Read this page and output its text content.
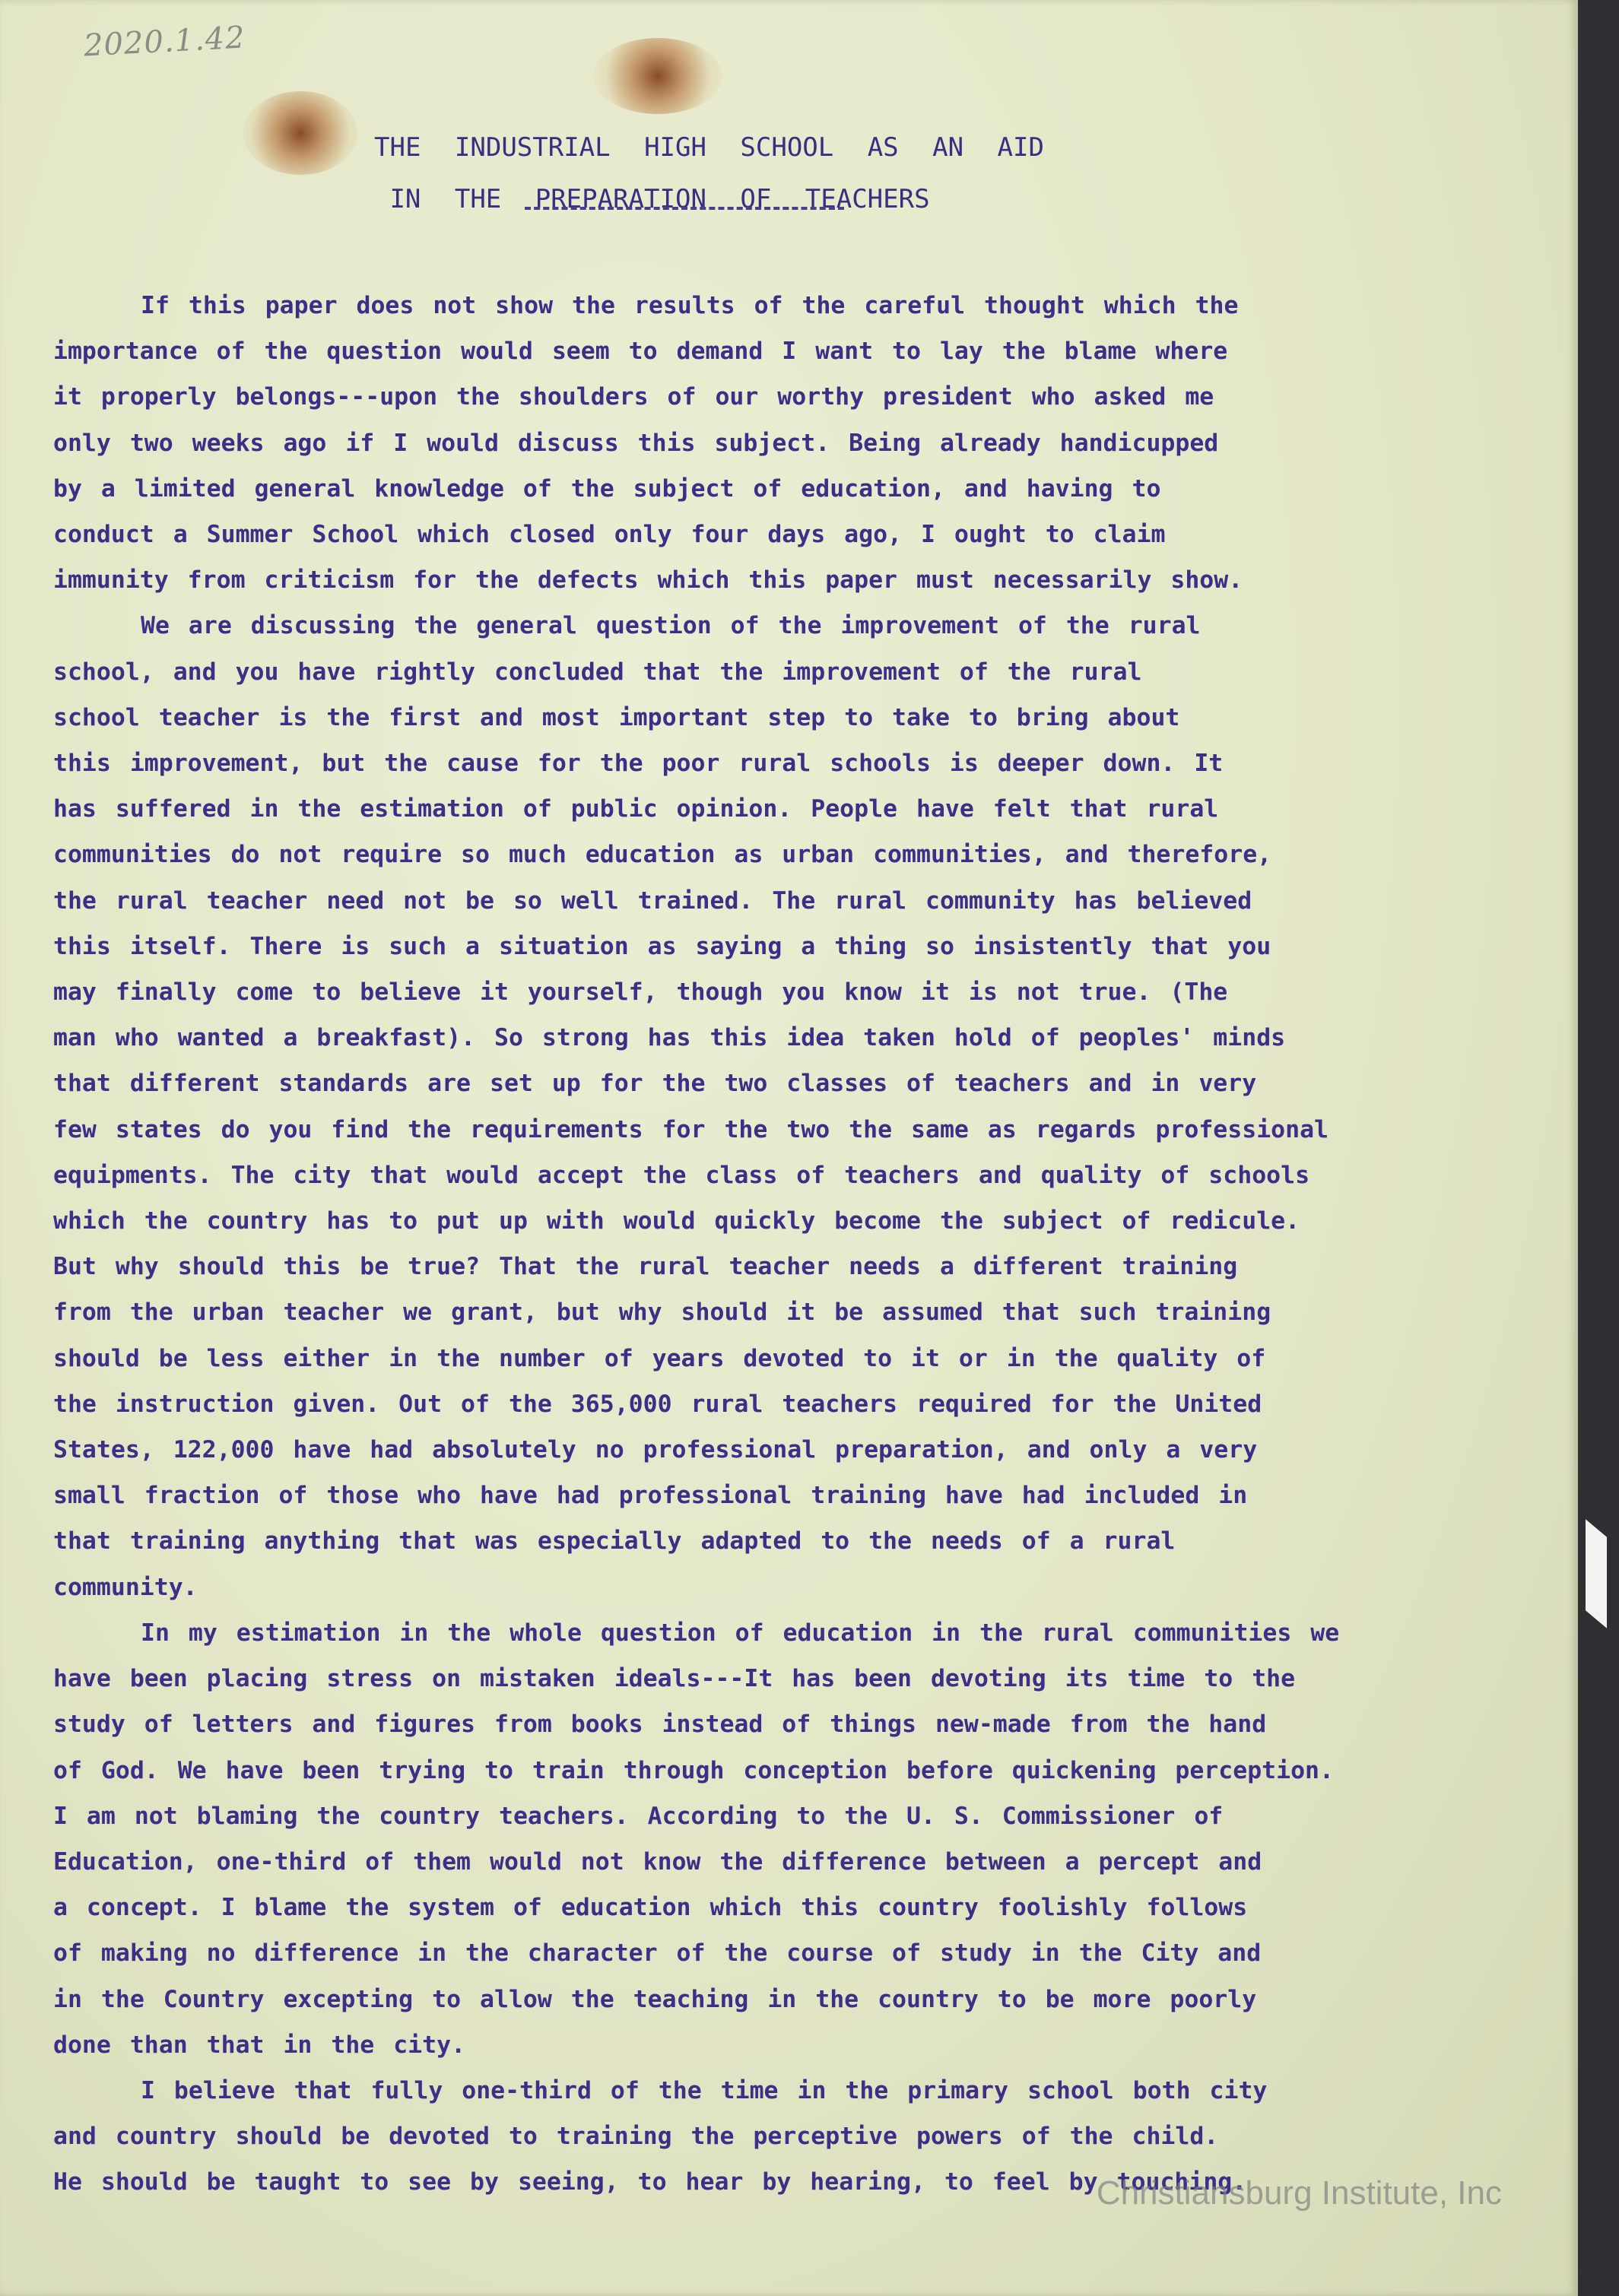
2020.1.42
THE INDUSTRIAL HIGH SCHOOL AS AN AID
IN THE PREPARATION OF TEACHERS
If this paper does not show the results of the careful thought which the
importance of the question would seem to demand I want to lay the blame where
it properly belongs---upon the shoulders of our worthy president who asked me
only two weeks ago if I would discuss this subject. Being already handicupped
by a limited general knowledge of the subject of education, and having to
conduct a Summer School which closed only four days ago, I ought to claim
immunity from criticism for the defects which this paper must necessarily show.
We are discussing the general question of the improvement of the rural
school, and you have rightly concluded that the improvement of the rural
school teacher is the first and most important step to take to bring about
this improvement, but the cause for the poor rural schools is deeper down. It
has suffered in the estimation of public opinion. People have felt that rural
communities do not require so much education as urban communities, and therefore,
the rural teacher need not be so well trained. The rural community has believed
this itself. There is such a situation as saying a thing so insistently that you
may finally come to believe it yourself, though you know it is not true. (The
man who wanted a breakfast). So strong has this idea taken hold of peoples' minds
that different standards are set up for the two classes of teachers and in very
few states do you find the requirements for the two the same as regards professional
equipments. The city that would accept the class of teachers and quality of schools
which the country has to put up with would quickly become the subject of rediculе.
But why should this be true? That the rural teacher needs a different training
from the urban teacher we grant, but why should it be assumed that such training
should be less either in the number of years devoted to it or in the quality of
the instruction given. Out of the 365,000 rural teachers required for the United
States, 122,000 have had absolutely no professional preparation, and only a very
small fraction of those who have had professional training have had included in
that training anything that was especially adapted to the needs of a rural
community.
In my estimation in the whole question of education in the rural communities we
have been placing stress on mistaken ideals---It has been devoting its time to the
study of letters and figures from books instead of things new-made from the hand
of God. We have been trying to train through conception before quickening perception.
I am not blaming the country teachers. According to the U. S. Commissioner of
Education, one-third of them would not know the difference between a percept and
a concept. I blame the system of education which this country foolishly follows
of making no difference in the character of the course of study in the City and
in the Country excepting to allow the teaching in the country to be more poorly
done than that in the city.
I believe that fully one-third of the time in the primary school both city
and country should be devoted to training the perceptive powers of the child.
He should be taught to see by seeing, to hear by hearing, to feel by touching.
Christiansburg Institute, Inc
